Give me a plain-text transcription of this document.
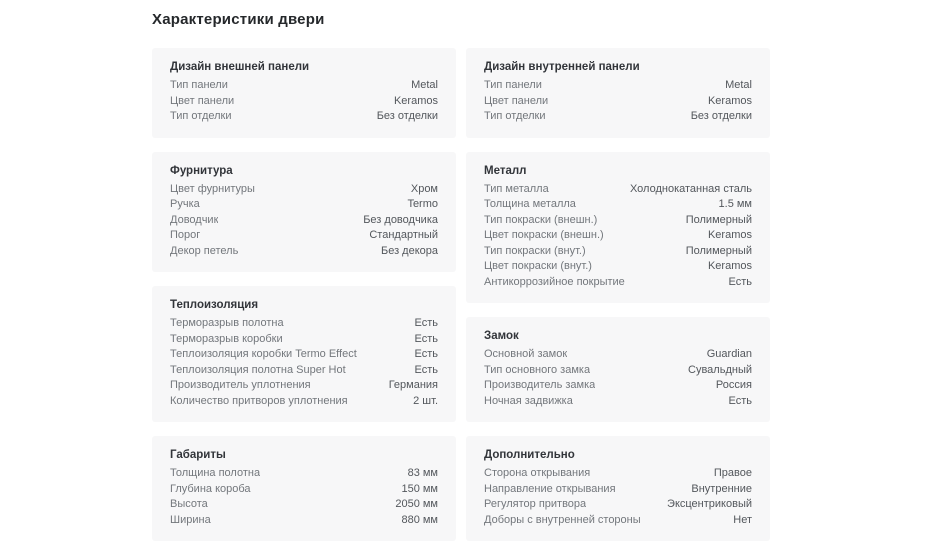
Характеристики двери
Дизайн внешней панели
Тип панели	Metal
Цвет панели	Keramos
Тип отделки	Без отделки
Фурнитура
Цвет фурнитуры	Хром
Ручка	Termo
Доводчик	Без доводчика
Порог	Стандартный
Декор петель	Без декора
Теплоизоляция
Терморазрыв полотна	Есть
Терморазрыв коробки	Есть
Теплоизоляция коробки Termo Effect	Есть
Теплоизоляция полотна Super Hot	Есть
Производитель уплотнения	Германия
Количество притворов уплотнения	2 шт.
Габариты
Толщина полотна	83 мм
Глубина короба	150 мм
Высота	2050 мм
Ширина	880 мм
Дизайн внутренней панели
Тип панели	Metal
Цвет панели	Keramos
Тип отделки	Без отделки
Металл
Тип металла	Холоднокатанная сталь
Толщина металла	1.5 мм
Тип покраски (внешн.)	Полимерный
Цвет покраски (внешн.)	Keramos
Тип покраски (внут.)	Полимерный
Цвет покраски (внут.)	Keramos
Антикоррозийное покрытие	Есть
Замок
Основной замок	Guardian
Тип основного замка	Сувальдный
Производитель замка	Россия
Ночная задвижка	Есть
Дополнительно
Сторона открывания	Правое
Направление открывания	Внутренние
Регулятор притвора	Эксцентриковый
Доборы с внутренней стороны	Нет
